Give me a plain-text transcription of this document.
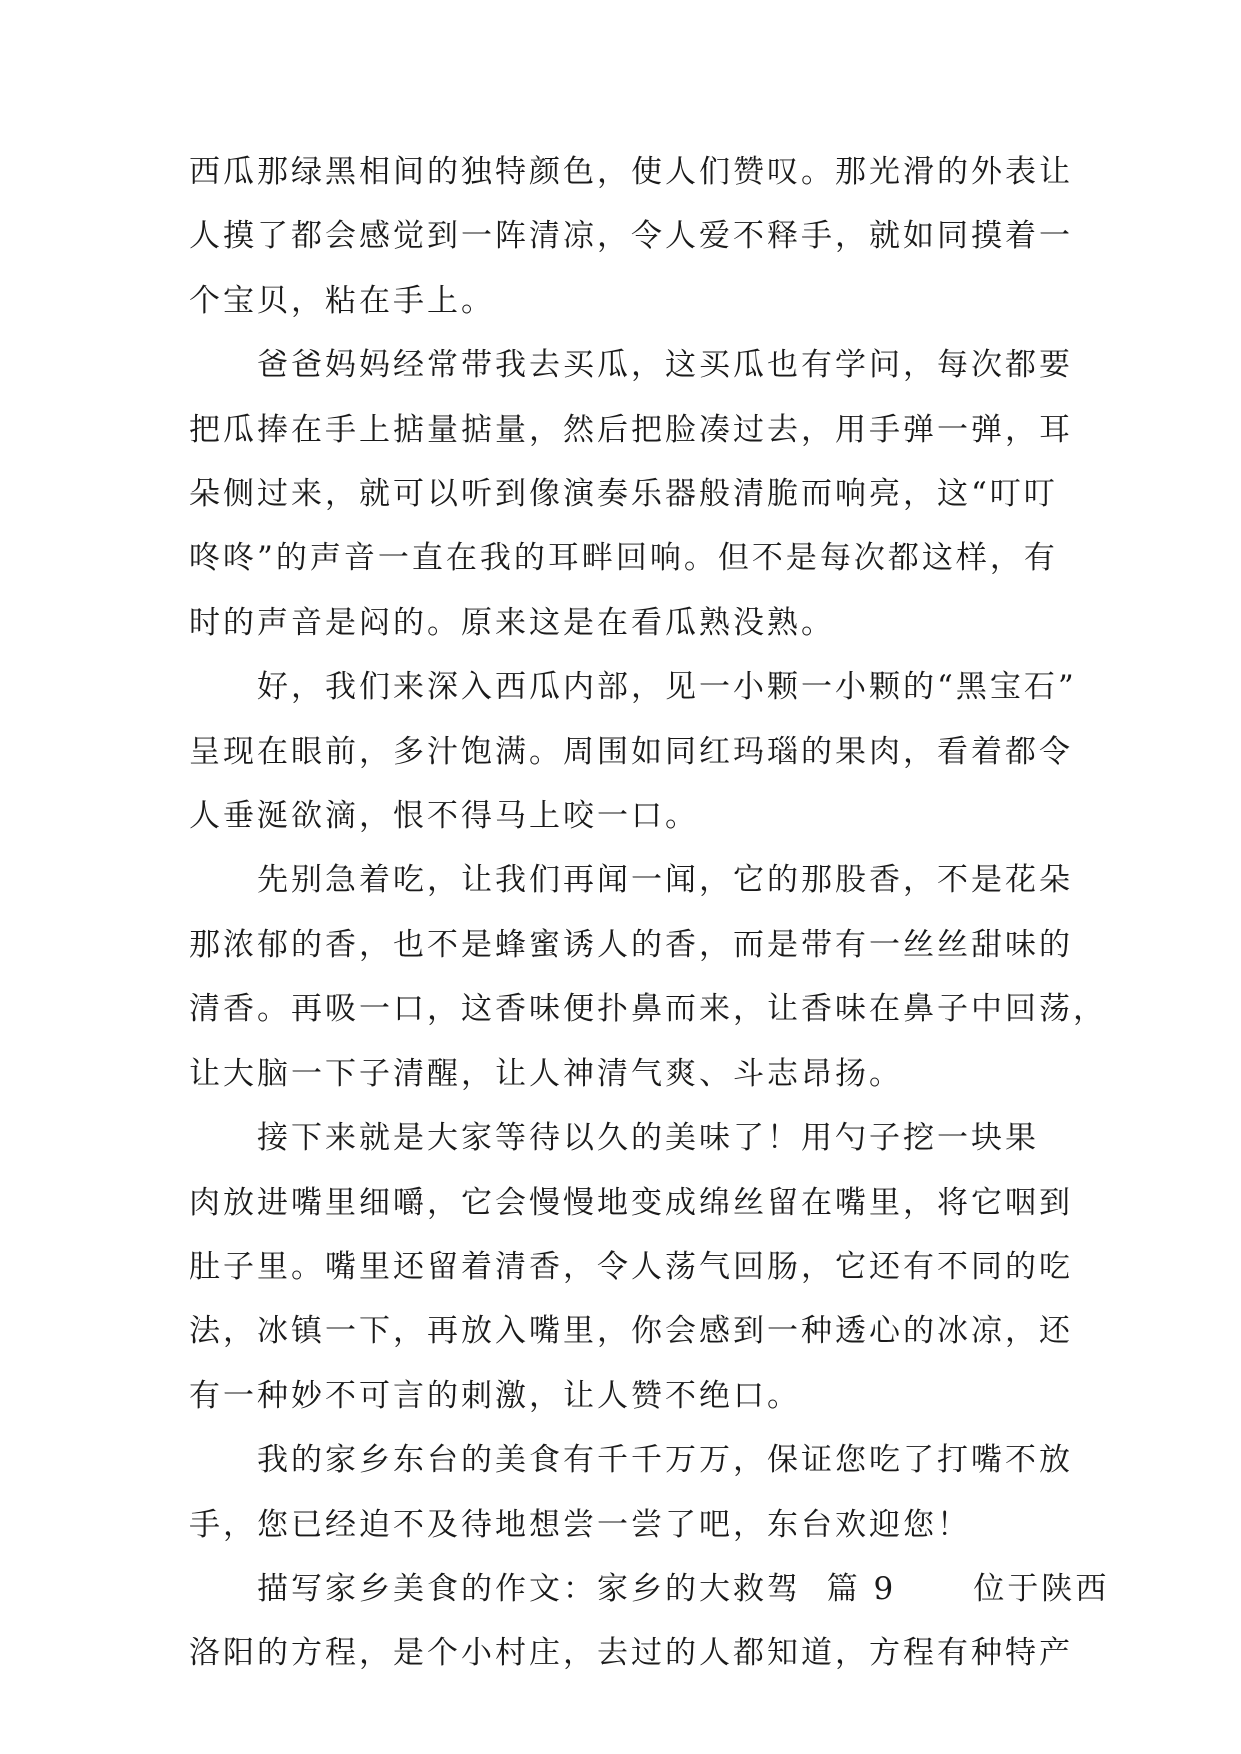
西瓜那绿黑相间的独特颜色，使人们赞叹。那光滑的外表让
人摸了都会感觉到一阵清凉，令人爱不释手，就如同摸着一
个宝贝，粘在手上。

爸爸妈妈经常带我去买瓜，这买瓜也有学问，每次都要
把瓜捧在手上掂量掂量，然后把脸凑过去，用手弹一弹，耳
朵侧过来，就可以听到像演奏乐器般清脆而响亮，这“叮叮
咚咚”的声音一直在我的耳畔回响。但不是每次都这样，有
时的声音是闷的。原来这是在看瓜熟没熟。

好，我们来深入西瓜内部，见一小颗一小颗的“黑宝石”
呈现在眼前，多汁饱满。周围如同红玛瑙的果肉，看着都令
人垂涎欲滴，恨不得马上咬一口。

先别急着吃，让我们再闻一闻，它的那股香，不是花朵
那浓郁的香，也不是蜂蜜诱人的香，而是带有一丝丝甜味的
清香。再吸一口，这香味便扑鼻而来，让香味在鼻子中回荡，
让大脑一下子清醒，让人神清气爽、斗志昂扬。

接下来就是大家等待以久的美味了！用勺子挖一块果
肉放进嘴里细嚼，它会慢慢地变成绵丝留在嘴里，将它咽到
肚子里。嘴里还留着清香，令人荡气回肠，它还有不同的吃
法，冰镇一下，再放入嘴里，你会感到一种透心的冰凉，还
有一种妙不可言的刺激，让人赞不绝口。

我的家乡东台的美食有千千万万，保证您吃了打嘴不放
手，您已经迫不及待地想尝一尝了吧，东台欢迎您！

描写家乡美食的作文：家乡的大救驾  篇 9      位于陕西
洛阳的方程，是个小村庄，去过的人都知道，方程有种特产
